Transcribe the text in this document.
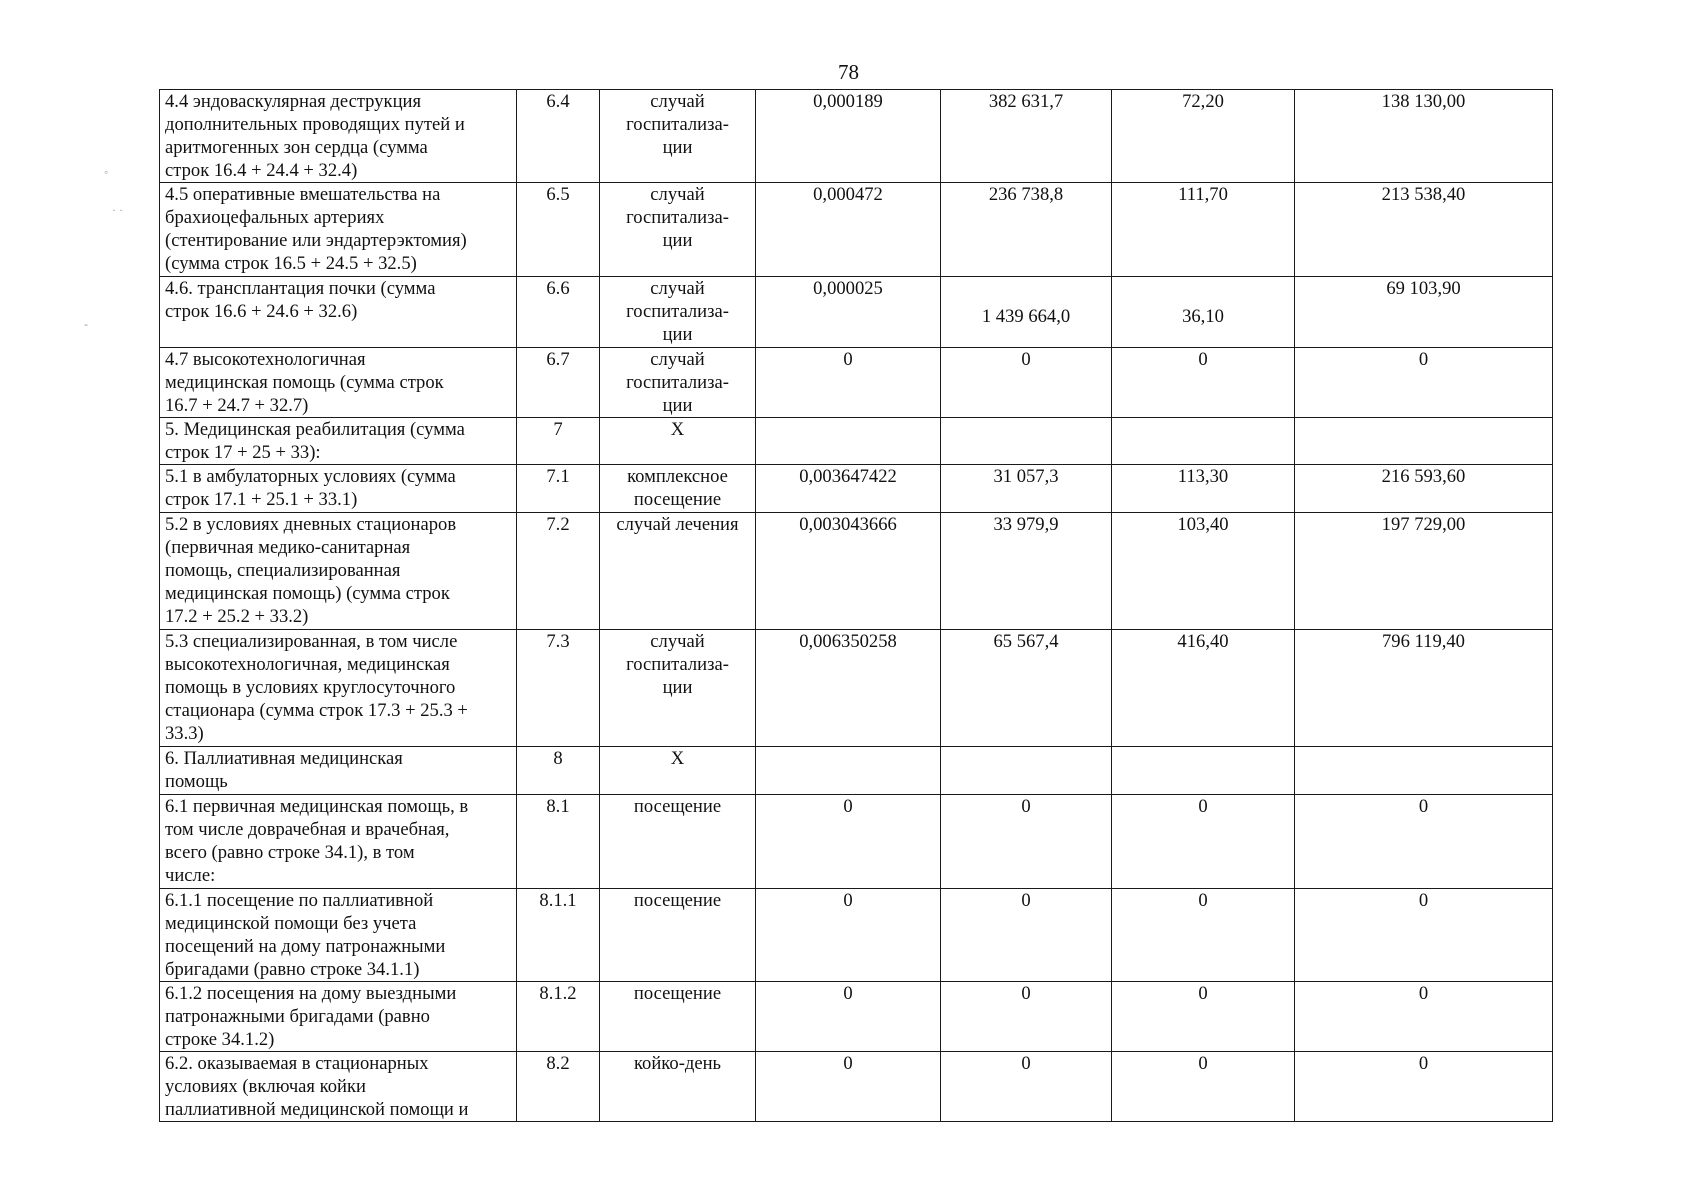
78
◦
· ·
-
4.4 эндоваскулярная деструкция
дополнительных проводящих путей и
аритмогенных зон сердца (сумма
строк 16.4 + 24.4 + 32.4)	6.4	случай
госпитализа-
ции	0,000189	382 631,7	72,20	138 130,00
4.5 оперативные вмешательства на
брахиоцефальных артериях
(стентирование или эндартерэктомия)
(сумма строк 16.5 + 24.5 + 32.5)	6.5	случай
госпитализа-
ции	0,000472	236 738,8	111,70	213 538,40
4.6. трансплантация почки (сумма
строк 16.6 + 24.6 + 32.6)	6.6	случай
госпитализа-
ции	0,000025	1 439 664,0	36,10	69 103,90
4.7 высокотехнологичная
медицинская помощь (сумма строк
16.7 + 24.7 + 32.7)	6.7	случай
госпитализа-
ции	0	0	0	0
5. Медицинская реабилитация (сумма
строк 17 + 25 + 33):	7	Х				
5.1 в амбулаторных условиях (сумма
строк 17.1 + 25.1 + 33.1)	7.1	комплексное
посещение	0,003647422	31 057,3	113,30	216 593,60
5.2 в условиях дневных стационаров
(первичная медико-санитарная
помощь, специализированная
медицинская помощь) (сумма строк
17.2 + 25.2 + 33.2)	7.2	случай лечения	0,003043666	33 979,9	103,40	197 729,00
5.3 специализированная, в том числе
высокотехнологичная, медицинская
помощь в условиях круглосуточного
стационара (сумма строк 17.3 + 25.3 +
33.3)	7.3	случай
госпитализа-
ции	0,006350258	65 567,4	416,40	796 119,40
6. Паллиативная медицинская
помощь	8	Х				
6.1 первичная медицинская помощь, в
том числе доврачебная и врачебная,
всего (равно строке 34.1), в том
числе:	8.1	посещение	0	0	0	0
6.1.1 посещение по паллиативной
медицинской помощи без учета
посещений на дому патронажными
бригадами (равно строке 34.1.1)	8.1.1	посещение	0	0	0	0
6.1.2 посещения на дому выездными
патронажными бригадами (равно
строке 34.1.2)	8.1.2	посещение	0	0	0	0
6.2. оказываемая в стационарных
условиях (включая койки
паллиативной медицинской помощи и	8.2	койко-день	0	0	0	0
